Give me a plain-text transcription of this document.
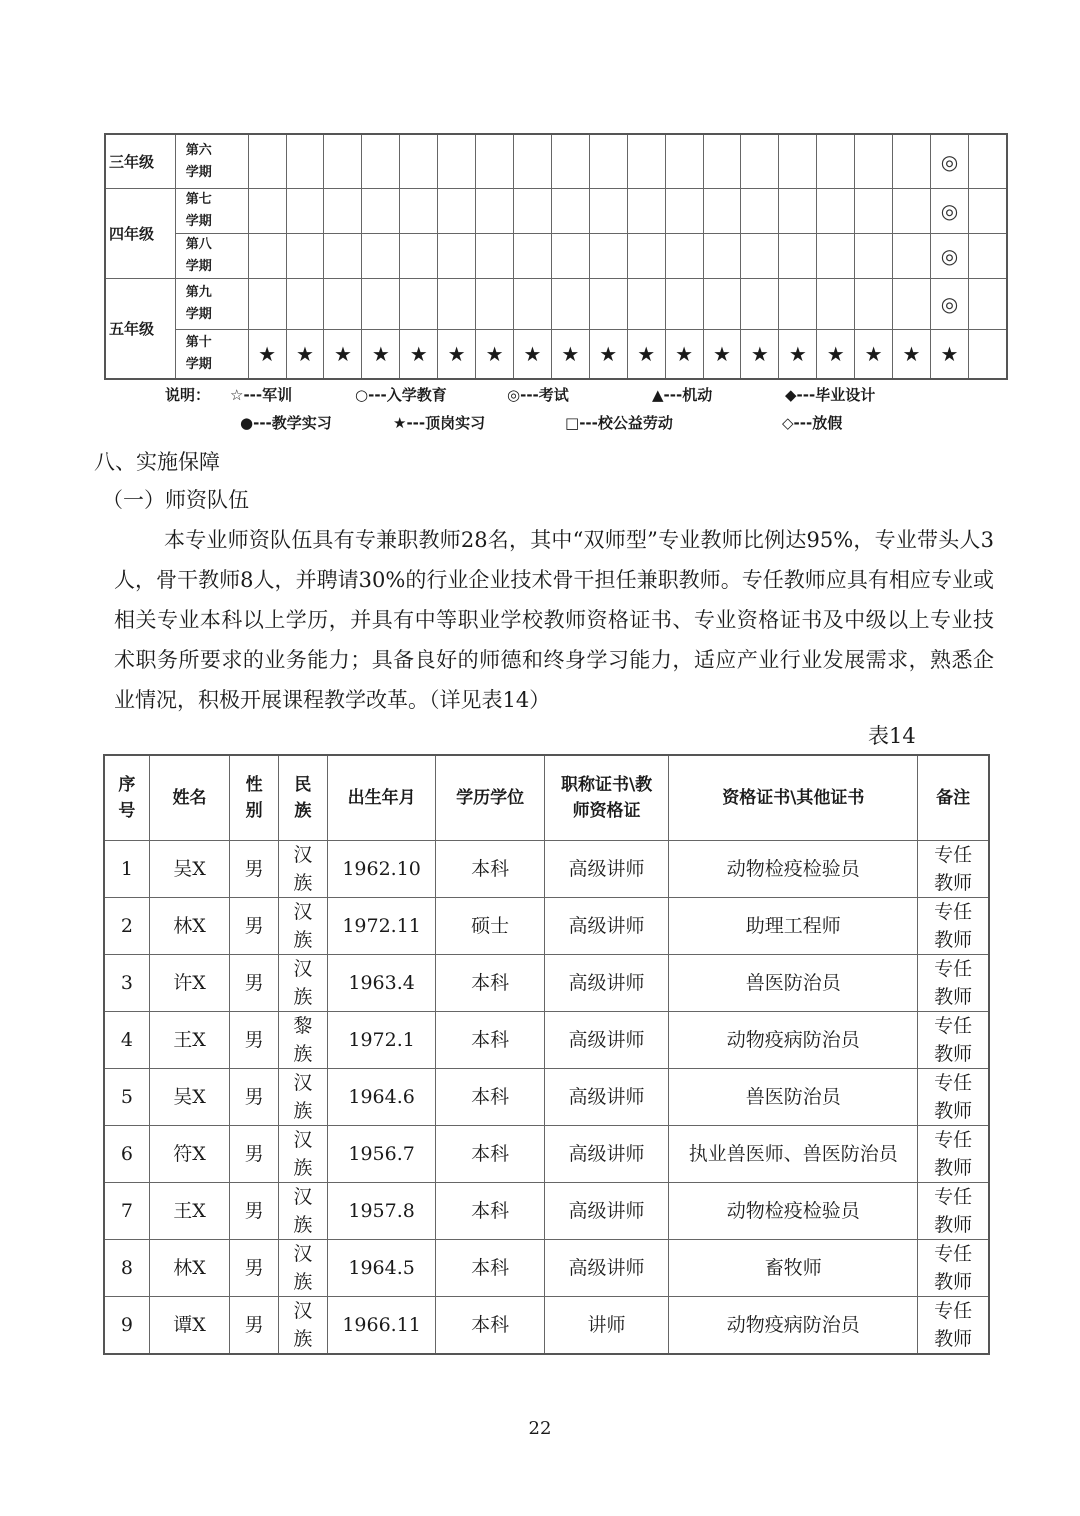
三年级	第六学期																			◎	
四年级	第七学期																			◎	

	第八学期																			◎	
五年级	第九学期																			◎	

	第十学期	★	★	★	★	★	★	★	★	★	★	★	★	★	★	★	★	★	★	★	
说明： ☆---军训	○---入学教育	◎---考试	▲---机动	◆---毕业设计
●---教学实习	★---顶岗实习	□---校公益劳动	◇---放假
八、实施保障
（一）师资队伍

本专业师资队伍具有专兼职教师28名，其中“双师型”专业教师比例达95%，专业带头人3人，骨干教师8人，并聘请30%的行业企业技术骨干担任兼职教师。专任教师应具有相应专业或相关专业本科以上学历，并具有中等职业学校教师资格证书、专业资格证书及中级以上专业技术职务所要求的业务能力；具备良好的师德和终身学习能力，适应产业行业发展需求，熟悉企业情况，积极开展课程教学改革。（详见表14）

表14
序号	姓名	性别	民族	出生年月	学历学位	职称证书\教师资格证	资格证书\其他证书	备注

1	吴X	男	汉族	1962.10	本科	高级讲师	动物检疫检验员	专任教师

2	林X	男	汉族	1972.11	硕士	高级讲师	助理工程师	专任教师

3	许X	男	汉族	1963.4	本科	高级讲师	兽医防治员	专任教师

4	王X	男	黎族	1972.1	本科	高级讲师	动物疫病防治员	专任教师

5	吴X	男	汉族	1964.6	本科	高级讲师	兽医防治员	专任教师

6	符X	男	汉族	1956.7	本科	高级讲师	执业兽医师、兽医防治员	专任教师

7	王X	男	汉族	1957.8	本科	高级讲师	动物检疫检验员	专任教师

8	林X	男	汉族	1964.5	本科	高级讲师	畜牧师	专任教师

9	谭X	男	汉族	1966.11	本科	讲师	动物疫病防治员	专任教师
22
